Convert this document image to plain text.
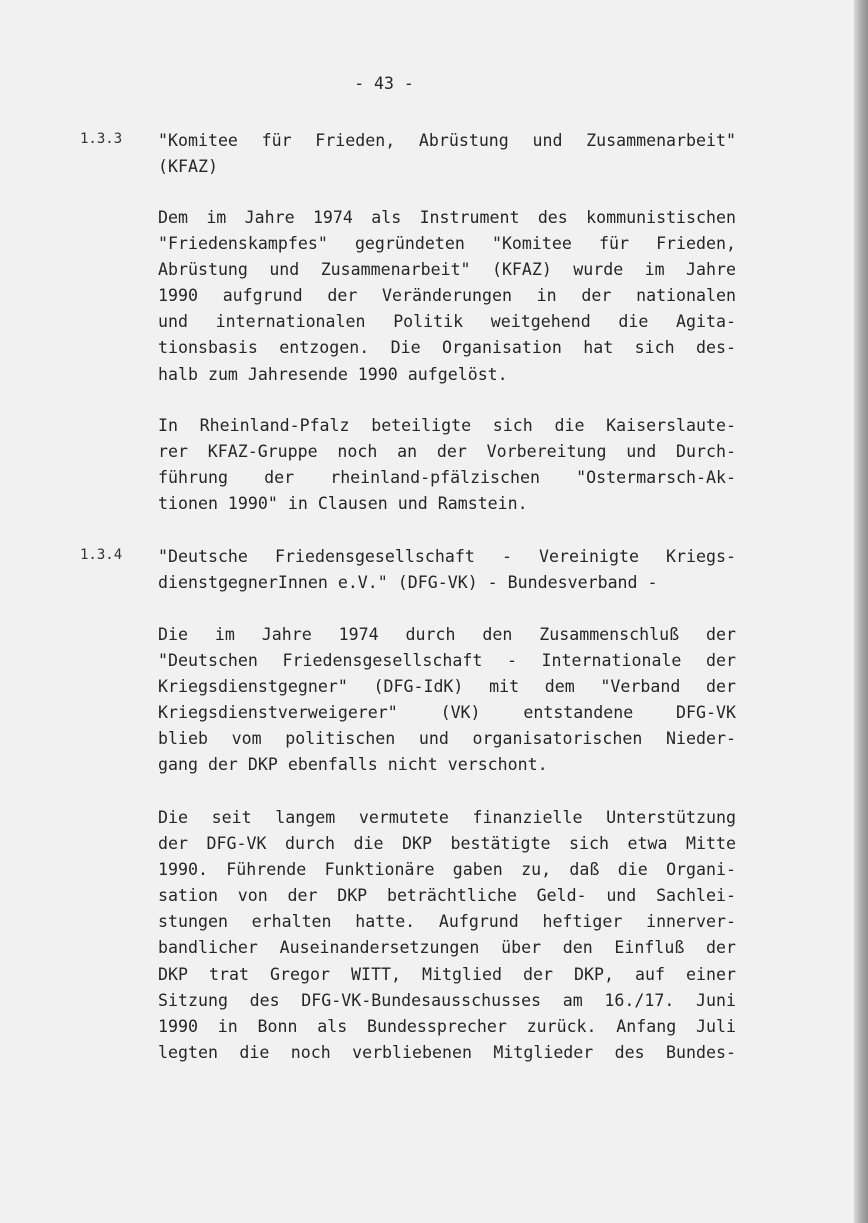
- 43 -
1.3.3 "Komitee für Frieden, Abrüstung und Zusammenarbeit"
(KFAZ)
Dem im Jahre 1974 als Instrument des kommunistischen
"Friedenskampfes" gegründeten "Komitee für Frieden,
Abrüstung und Zusammenarbeit" (KFAZ) wurde im Jahre
1990 aufgrund der Veränderungen in der nationalen
und internationalen Politik weitgehend die Agita-
tionsbasis entzogen. Die Organisation hat sich des-
halb zum Jahresende 1990 aufgelöst.
In Rheinland-Pfalz beteiligte sich die Kaiserslaute-
rer KFAZ-Gruppe noch an der Vorbereitung und Durch-
führung der rheinland-pfälzischen "Ostermarsch-Ak-
tionen 1990" in Clausen und Ramstein.
1.3.4 "Deutsche Friedensgesellschaft - Vereinigte Kriegs-
dienstgegnerInnen e.V." (DFG-VK) - Bundesverband -
Die im Jahre 1974 durch den Zusammenschluß der
"Deutschen Friedensgesellschaft - Internationale der
Kriegsdienstgegner" (DFG-IdK) mit dem "Verband der
Kriegsdienstverweigerer" (VK) entstandene DFG-VK
blieb vom politischen und organisatorischen Nieder-
gang der DKP ebenfalls nicht verschont.
Die seit langem vermutete finanzielle Unterstützung
der DFG-VK durch die DKP bestätigte sich etwa Mitte
1990. Führende Funktionäre gaben zu, daß die Organi-
sation von der DKP beträchtliche Geld- und Sachlei-
stungen erhalten hatte. Aufgrund heftiger innerver-
bandlicher Auseinandersetzungen über den Einfluß der
DKP trat Gregor WITT, Mitglied der DKP, auf einer
Sitzung des DFG-VK-Bundesausschusses am 16./17. Juni
1990 in Bonn als Bundessprecher zurück. Anfang Juli
legten die noch verbliebenen Mitglieder des Bundes-
